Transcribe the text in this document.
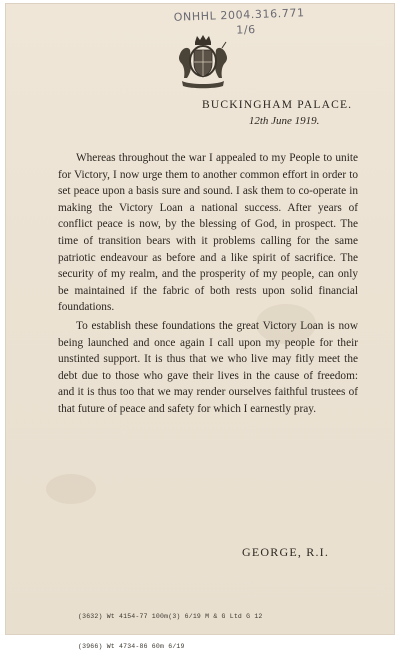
ONHHL 2004.316.771
1/6
BUCKINGHAM PALACE.
12th June 1919.

Whereas throughout the war I appealed to my People to unite for Victory, I now urge them to another common effort in order to set peace upon a basis sure and sound. I ask them to co-operate in making the Victory Loan a national success. After years of conflict peace is now, by the blessing of God, in prospect. The time of transition bears with it problems calling for the same patriotic endeavour as before and a like spirit of sacrifice. The security of my realm, and the prosperity of my people, can only be maintained if the fabric of both rests upon solid financial foundations.

To establish these foundations the great Victory Loan is now being launched and once again I call upon my people for their unstinted support. It is thus that we who live may fitly meet the debt due to those who gave their lives in the cause of freedom: and it is thus too that we may render ourselves faithful trustees of that future of peace and safety for which I earnestly pray.

GEORGE, R.I.

(3632) Wt 4154-77 100m(3) 6/19 M & G Ltd G 12

(3966) Wt 4734-86 60m 6/19
